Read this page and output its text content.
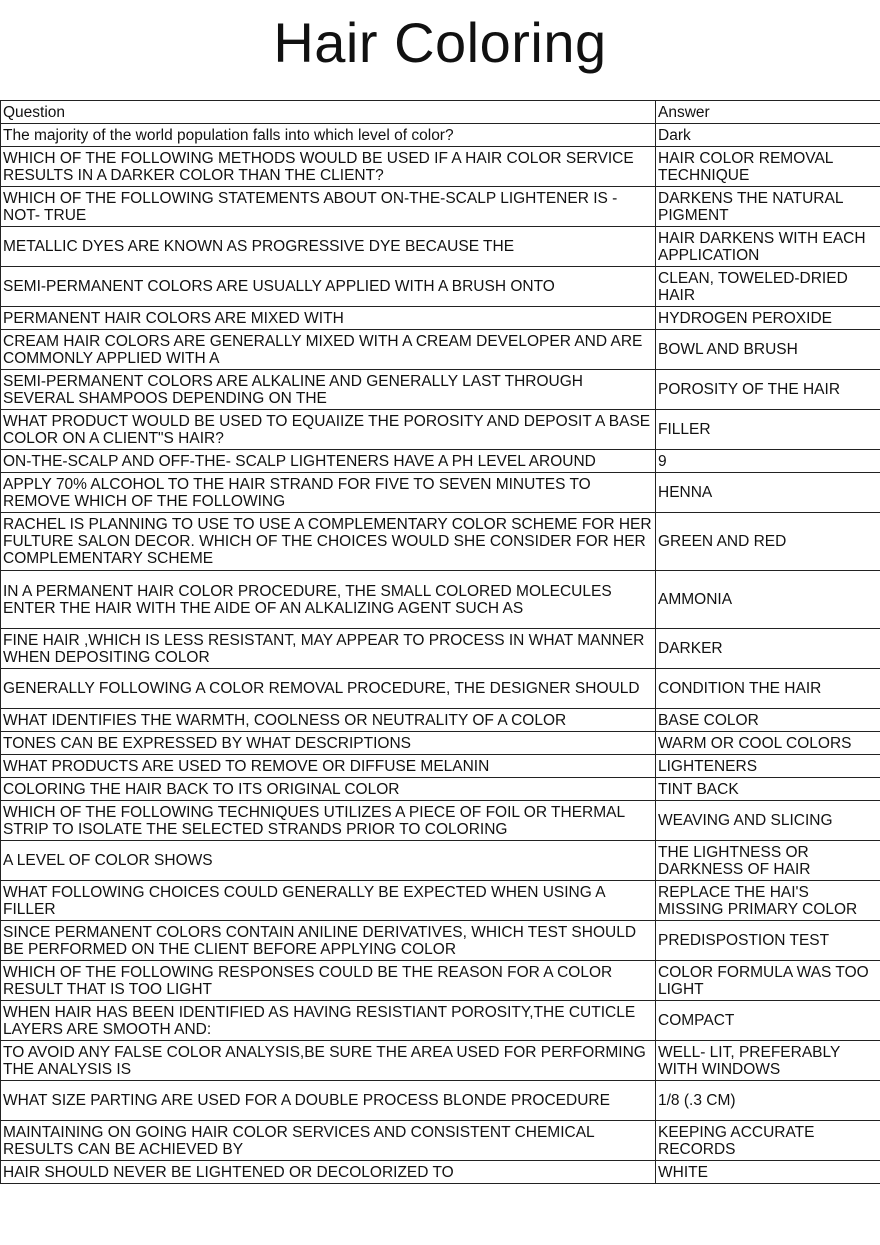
Hair Coloring
Question	Answer
The majority of the world population falls into which level of color?	Dark
WHICH OF THE FOLLOWING METHODS WOULD BE USED IF A HAIR COLOR SERVICE RESULTS IN A DARKER COLOR THAN THE CLIENT?	HAIR COLOR REMOVAL TECHNIQUE
WHICH OF THE FOLLOWING STATEMENTS ABOUT ON-THE-SCALP LIGHTENER IS -NOT- TRUE	DARKENS THE NATURAL PIGMENT
METALLIC DYES ARE KNOWN AS PROGRESSIVE DYE BECAUSE THE	HAIR DARKENS WITH EACH APPLICATION
SEMI-PERMANENT COLORS ARE USUALLY APPLIED WITH A BRUSH ONTO	CLEAN, TOWELED-DRIED HAIR
PERMANENT HAIR COLORS ARE MIXED WITH	HYDROGEN PEROXIDE
CREAM HAIR COLORS ARE GENERALLY MIXED WITH A CREAM DEVELOPER AND ARE COMMONLY APPLIED WITH A	BOWL AND BRUSH
SEMI-PERMANENT COLORS ARE ALKALINE AND GENERALLY LAST THROUGH SEVERAL SHAMPOOS DEPENDING ON THE	POROSITY OF THE HAIR
WHAT PRODUCT WOULD BE USED TO EQUAIIZE THE POROSITY AND DEPOSIT A BASE COLOR ON A CLIENT"S HAIR?	FILLER
ON-THE-SCALP AND OFF-THE- SCALP LIGHTENERS HAVE A PH LEVEL AROUND	9
APPLY 70% ALCOHOL TO THE HAIR STRAND FOR FIVE TO SEVEN MINUTES TO REMOVE WHICH OF THE FOLLOWING	HENNA
RACHEL IS PLANNING TO USE TO USE A COMPLEMENTARY COLOR SCHEME FOR HER FULTURE SALON DECOR. WHICH OF THE CHOICES WOULD SHE CONSIDER FOR HER COMPLEMENTARY SCHEME	GREEN AND RED
IN A PERMANENT HAIR COLOR PROCEDURE, THE SMALL COLORED MOLECULES ENTER THE HAIR WITH THE AIDE OF AN ALKALIZING AGENT SUCH AS	AMMONIA
FINE HAIR ,WHICH IS LESS RESISTANT, MAY APPEAR TO PROCESS IN WHAT MANNER WHEN DEPOSITING COLOR	DARKER
GENERALLY FOLLOWING A COLOR REMOVAL PROCEDURE, THE DESIGNER SHOULD	CONDITION THE HAIR
WHAT IDENTIFIES THE WARMTH, COOLNESS OR NEUTRALITY OF A COLOR	BASE COLOR
TONES CAN BE EXPRESSED BY WHAT DESCRIPTIONS	WARM OR COOL COLORS
WHAT PRODUCTS ARE USED TO REMOVE OR DIFFUSE MELANIN	LIGHTENERS
COLORING THE HAIR BACK TO ITS ORIGINAL COLOR	TINT BACK
WHICH OF THE FOLLOWING TECHNIQUES UTILIZES A PIECE OF FOIL OR THERMAL STRIP TO ISOLATE THE SELECTED STRANDS PRIOR TO COLORING	WEAVING AND SLICING
A LEVEL OF COLOR SHOWS	THE LIGHTNESS OR DARKNESS OF HAIR
WHAT FOLLOWING CHOICES COULD GENERALLY BE EXPECTED WHEN USING A FILLER	REPLACE THE HAI'S MISSING PRIMARY COLOR
SINCE PERMANENT COLORS CONTAIN ANILINE DERIVATIVES, WHICH TEST SHOULD BE PERFORMED ON THE CLIENT BEFORE APPLYING COLOR	PREDISPOSTION TEST
WHICH OF THE FOLLOWING RESPONSES COULD BE THE REASON FOR A COLOR RESULT THAT IS TOO LIGHT	COLOR FORMULA WAS TOO LIGHT
WHEN HAIR HAS BEEN IDENTIFIED AS HAVING RESISTIANT POROSITY,THE CUTICLE LAYERS ARE SMOOTH AND:	COMPACT
TO AVOID ANY FALSE COLOR ANALYSIS,BE SURE THE AREA USED FOR PERFORMING THE ANALYSIS IS	WELL- LIT, PREFERABLY WITH WINDOWS
WHAT SIZE PARTING ARE USED FOR A DOUBLE PROCESS BLONDE PROCEDURE	1/8 (.3 CM)
MAINTAINING ON GOING HAIR COLOR SERVICES AND CONSISTENT CHEMICAL RESULTS CAN BE ACHIEVED BY	KEEPING ACCURATE RECORDS
HAIR SHOULD NEVER BE LIGHTENED OR DECOLORIZED TO	WHITE
